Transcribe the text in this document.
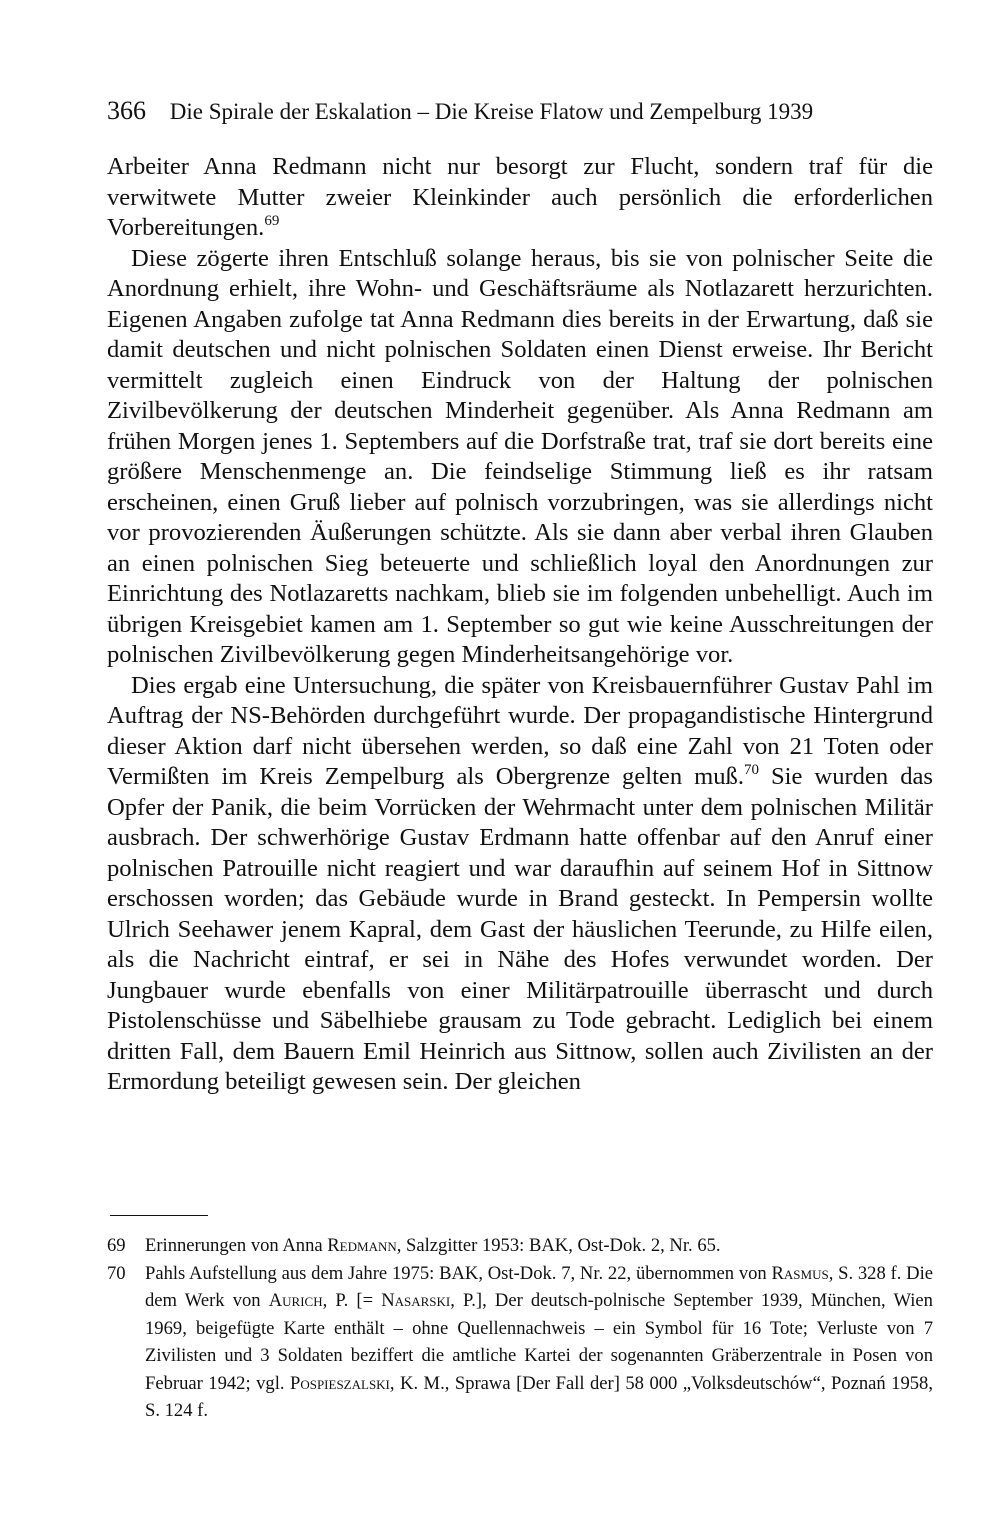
366 Die Spirale der Eskalation – Die Kreise Flatow und Zempelburg 1939

Arbeiter Anna Redmann nicht nur besorgt zur Flucht, sondern traf für die verwitwete Mutter zweier Kleinkinder auch persönlich die erforderlichen Vorbereitungen.$^{69}$

Diese zögerte ihren Entschluß solange heraus, bis sie von polnischer Seite die Anordnung erhielt, ihre Wohn- und Geschäftsräume als Notlazarett herzurichten. Eigenen Angaben zufolge tat Anna Redmann dies bereits in der Erwartung, daß sie damit deutschen und nicht polnischen Soldaten einen Dienst erweise. Ihr Bericht vermittelt zugleich einen Eindruck von der Haltung der polnischen Zivilbevölkerung der deutschen Minderheit gegenüber. Als Anna Redmann am frühen Morgen jenes 1. Septembers auf die Dorfstraße trat, traf sie dort bereits eine größere Menschenmenge an. Die feindselige Stimmung ließ es ihr ratsam erscheinen, einen Gruß lieber auf polnisch vorzubringen, was sie allerdings nicht vor provozierenden Äußerungen schützte. Als sie dann aber verbal ihren Glauben an einen polnischen Sieg beteuerte und schließlich loyal den Anordnungen zur Einrichtung des Notlazaretts nachkam, blieb sie im folgenden unbehelligt. Auch im übrigen Kreisgebiet kamen am 1. September so gut wie keine Ausschreitungen der polnischen Zivilbevölkerung gegen Minderheitsangehörige vor.

Dies ergab eine Untersuchung, die später von Kreisbauernführer Gustav Pahl im Auftrag der NS-Behörden durchgeführt wurde. Der propagandistische Hintergrund dieser Aktion darf nicht übersehen werden, so daß eine Zahl von 21 Toten oder Vermißten im Kreis Zempelburg als Obergrenze gelten muß.$^{70}$ Sie wurden das Opfer der Panik, die beim Vorrücken der Wehrmacht unter dem polnischen Militär ausbrach. Der schwerhörige Gustav Erdmann hatte offenbar auf den Anruf einer polnischen Patrouille nicht reagiert und war daraufhin auf seinem Hof in Sittnow erschossen worden; das Gebäude wurde in Brand gesteckt. In Pempersin wollte Ulrich Seehawer jenem Kapral, dem Gast der häuslichen Teerunde, zu Hilfe eilen, als die Nachricht eintraf, er sei in Nähe des Hofes verwundet worden. Der Jungbauer wurde ebenfalls von einer Militärpatrouille überrascht und durch Pistolenschüsse und Säbelhiebe grausam zu Tode gebracht. Lediglich bei einem dritten Fall, dem Bauern Emil Heinrich aus Sittnow, sollen auch Zivilisten an der Ermordung beteiligt gewesen sein. Der gleichen

69 Erinnerungen von Anna Redmann, Salzgitter 1953: BAK, Ost-Dok. 2, Nr. 65.
70 Pahls Aufstellung aus dem Jahre 1975: BAK, Ost-Dok. 7, Nr. 22, übernommen von Rasmus, S. 328 f. Die dem Werk von Aurich, P. [= Nasarski, P.], Der deutsch-polnische September 1939, München, Wien 1969, beigefügte Karte enthält – ohne Quellennachweis – ein Symbol für 16 Tote; Verluste von 7 Zivilisten und 3 Soldaten beziffert die amtliche Kartei der sogenannten Gräberzentrale in Posen von Februar 1942; vgl. Pospieszalski, K. M., Sprawa [Der Fall der] 58 000 „Volksdeutschów“, Poznań 1958, S. 124 f.
